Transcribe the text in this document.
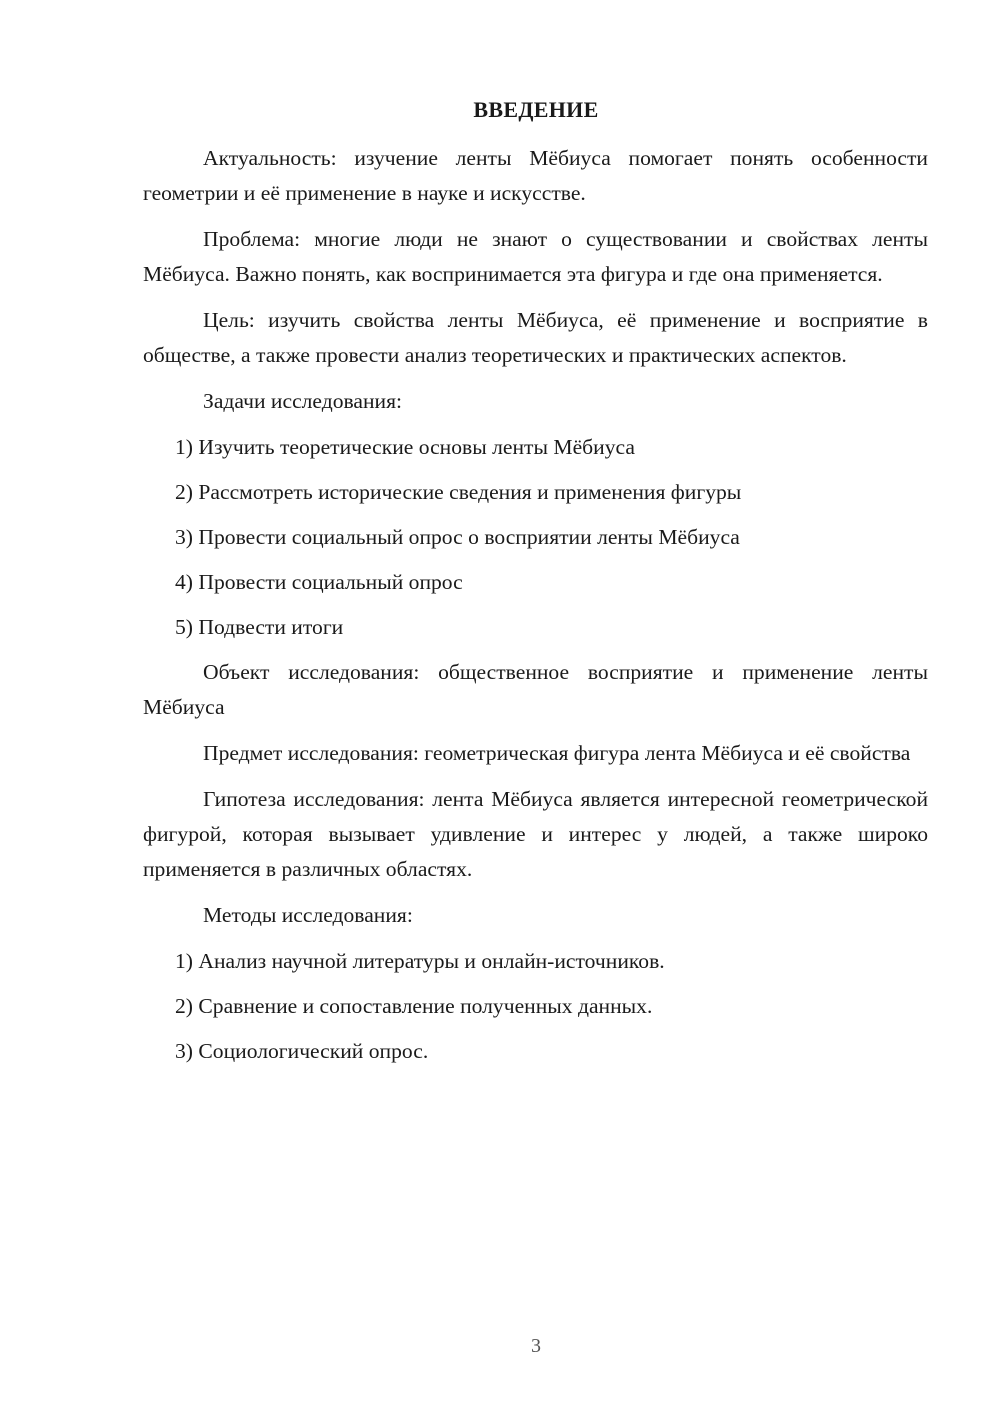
ВВЕДЕНИЕ

Актуальность: изучение ленты Мёбиуса помогает понять особенности геометрии и её применение в науке и искусстве.

Проблема: многие люди не знают о существовании и свойствах ленты Мёбиуса. Важно понять, как воспринимается эта фигура и где она применяется.

Цель: изучить свойства ленты Мёбиуса, её применение и восприятие в обществе, а также провести анализ теоретических и практических аспектов.

Задачи исследования:

1) Изучить теоретические основы ленты Мёбиуса

2) Рассмотреть исторические сведения и применения фигуры

3) Провести социальный опрос о восприятии ленты Мёбиуса

4) Провести социальный опрос

5) Подвести итоги

Объект исследования: общественное восприятие и применение ленты Мёбиуса

Предмет исследования: геометрическая фигура лента Мёбиуса и её свойства

Гипотеза исследования: лента Мёбиуса является интересной геометрической фигурой, которая вызывает удивление и интерес у людей, а также широко применяется в различных областях.

Методы исследования:

1) Анализ научной литературы и онлайн-источников.

2) Сравнение и сопоставление полученных данных.

3) Социологический опрос.

3
